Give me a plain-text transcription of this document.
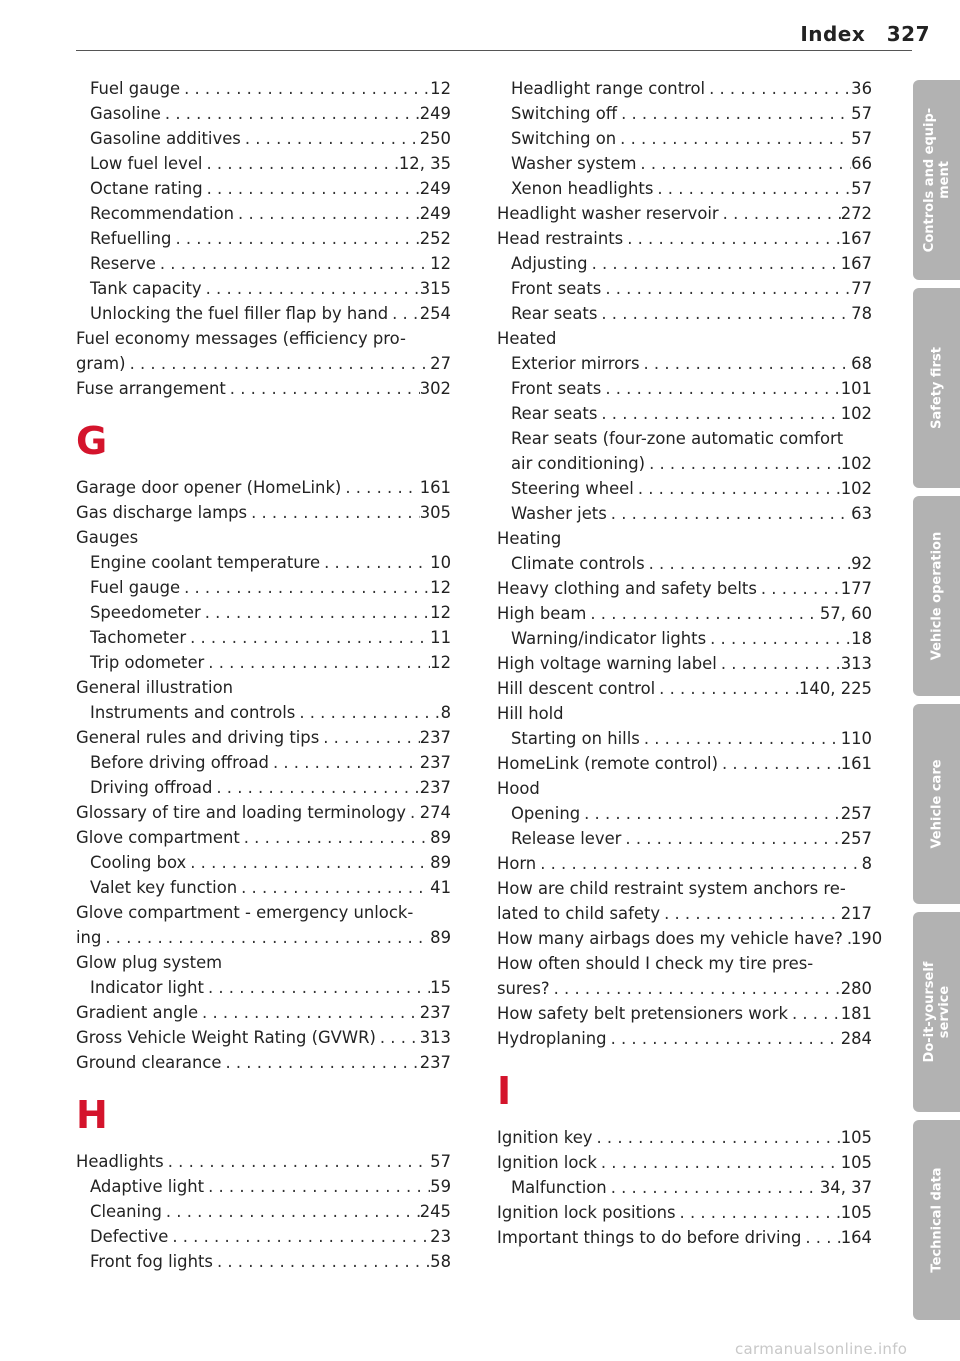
Index 327
Fuel gauge . . .	12
Gasoline . . .	249
Gasoline additives . . .	250
Low fuel level . . .	12, 35
Octane rating . . .	249
Recommendation . . .	249
Refuelling . . .	252
Reserve . . .	12
Tank capacity . . .	315
Unlocking the fuel filler flap by hand . . . 254
Fuel economy messages (efficiency pro-
gram) . . .	27
Fuse arrangement . . .	302
G
Garage door opener (HomeLink) . . .	161
Gas discharge lamps . . .	305
Gauges
Engine coolant temperature . . .	10
Fuel gauge . . .	12
Speedometer . . .	12
Tachometer . . .	11
Trip odometer . . .	12
General illustration
Instruments and controls . . .	8
General rules and driving tips . . .	237
Before driving offroad . . .	237
Driving offroad . . .	237
Glossary of tire and loading terminology . . . 274
Glove compartment . . .	89
Cooling box . . .	89
Valet key function . . .	41
Glove compartment - emergency unlock-
ing . . .	89
Glow plug system
Indicator light . . .	15
Gradient angle . . .	237
Gross Vehicle Weight Rating (GVWR) . . .	313
Ground clearance . . .	237
H
Headlights . . .	57
Adaptive light . . .	59
Cleaning . . .	245
Defective . . .	23
Front fog lights . . .	58
Headlight range control . . .	36
Switching off . . .	57
Switching on . . .	57
Washer system . . .	66
Xenon headlights . . .	57
Headlight washer reservoir . . .	272
Head restraints . . .	167
Adjusting . . .	167
Front seats . . .	77
Rear seats . . .	78
Heated
Exterior mirrors . . .	68
Front seats . . .	101
Rear seats . . .	102
Rear seats (four-zone automatic comfort
air conditioning) . . .	102
Steering wheel . . .	102
Washer jets . . .	63
Heating
Climate controls . . .	92
Heavy clothing and safety belts . . .	177
High beam . . .	57, 60
Warning/indicator lights . . .	18
High voltage warning label . . .	313
Hill descent control . . .	140, 225
Hill hold
Starting on hills . . .	110
HomeLink (remote control) . . .	161
Hood
Opening . . .	257
Release lever . . .	257
Horn . . .	8
How are child restraint system anchors re-
lated to child safety . . .	217
How many airbags does my vehicle have? . . . 190
How often should I check my tire pres-
sures? . . .	280
How safety belt pretensioners work . . .	181
Hydroplaning . . .	284
I
Ignition key . . .	105
Ignition lock . . .	105
Malfunction . . .	34, 37
Ignition lock positions . . .	105
Important things to do before driving . . . 164
Controls and equip-
ment
Safety first
Vehicle operation
Vehicle care
Do-it-yourself
service
Technical data
carmanualsonline.info
